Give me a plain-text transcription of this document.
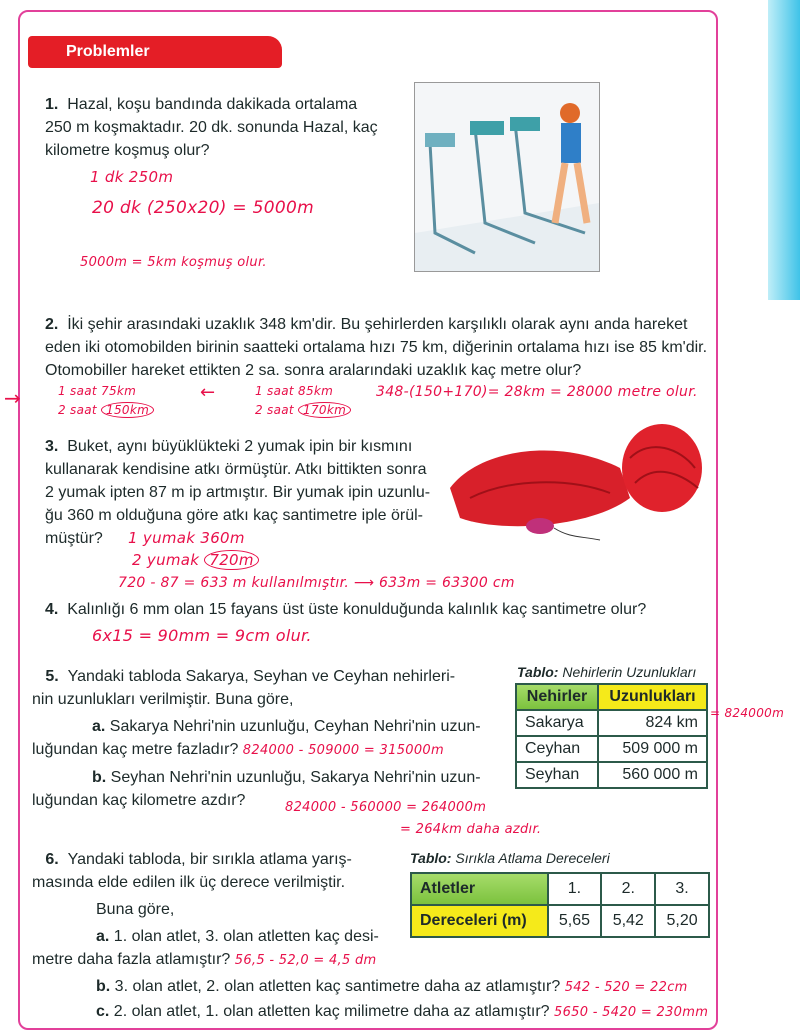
Problemler
1. Hazal, koşu bandında dakikada ortalama
250 m koşmaktadır. 20 dk. sonunda Hazal, kaç
kilometre koşmuş olur?
1 dk 250m
20 dk (250x20) = 5000m
5000m = 5km koşmuş olur.
2. İki şehir arasındaki uzaklık 348 km'dir. Bu şehirlerden karşılıklı olarak aynı anda hareket
eden iki otomobilden birinin saatteki ortalama hızı 75 km, diğerinin ortalama hızı ise 85 km'dir.
Otomobiller hareket ettikten 2 sa. sonra aralarındaki uzaklık kaç metre olur?
→	1 saat 75km
2 saat 150km
←	1 saat 85km
2 saat 170km
348-(150+170)= 28km = 28000 metre olur.
3. Buket, aynı büyüklükteki 2 yumak ipin bir kısmını
kullanarak kendisine atkı örmüştür. Atkı bittikten sonra
2 yumak ipten 87 m ip artmıştır. Bir yumak ipin uzunlu-
ğu 360 m olduğuna göre atkı kaç santimetre iple örül-
müştür?	1 yumak 360m
2 yumak 720m
720 - 87 = 633 m kullanılmıştır. ⟶ 633m = 63300 cm
4. Kalınlığı 6 mm olan 15 fayans üst üste konulduğunda kalınlık kaç santimetre olur?
6x15 = 90mm = 9cm olur.
5. Yandaki tabloda Sakarya, Seyhan ve Ceyhan nehirleri-
nin uzunlukları verilmiştir. Buna göre,
a. Sakarya Nehri'nin uzunluğu, Ceyhan Nehri'nin uzun-
luğundan kaç metre fazladır? 824000 - 509000 = 315000m
b. Seyhan Nehri'nin uzunluğu, Sakarya Nehri'nin uzun-
luğundan kaç kilometre azdır?	824000 - 560000 = 264000m
= 264km daha azdır.
Tablo: Nehirlerin Uzunlukları
Nehirler	Uzunlukları
Sakarya	824 km
Ceyhan	509 000 m
Seyhan	560 000 m
= 824000m
6. Yandaki tabloda, bir sırıkla atlama yarış-
masında elde edilen ilk üç derece verilmiştir.
Buna göre,
a. 1. olan atlet, 3. olan atletten kaç desi-
metre daha fazla atlamıştır? 56,5 - 52,0 = 4,5 dm
b. 3. olan atlet, 2. olan atletten kaç santimetre daha az atlamıştır? 542 - 520 = 22cm
c. 2. olan atlet, 1. olan atletten kaç milimetre daha az atlamıştır? 5650 - 5420 = 230mm
Tablo: Sırıkla Atlama Dereceleri
Atletler	1.	2.	3.
Dereceleri (m)	5,65	5,42	5,20
